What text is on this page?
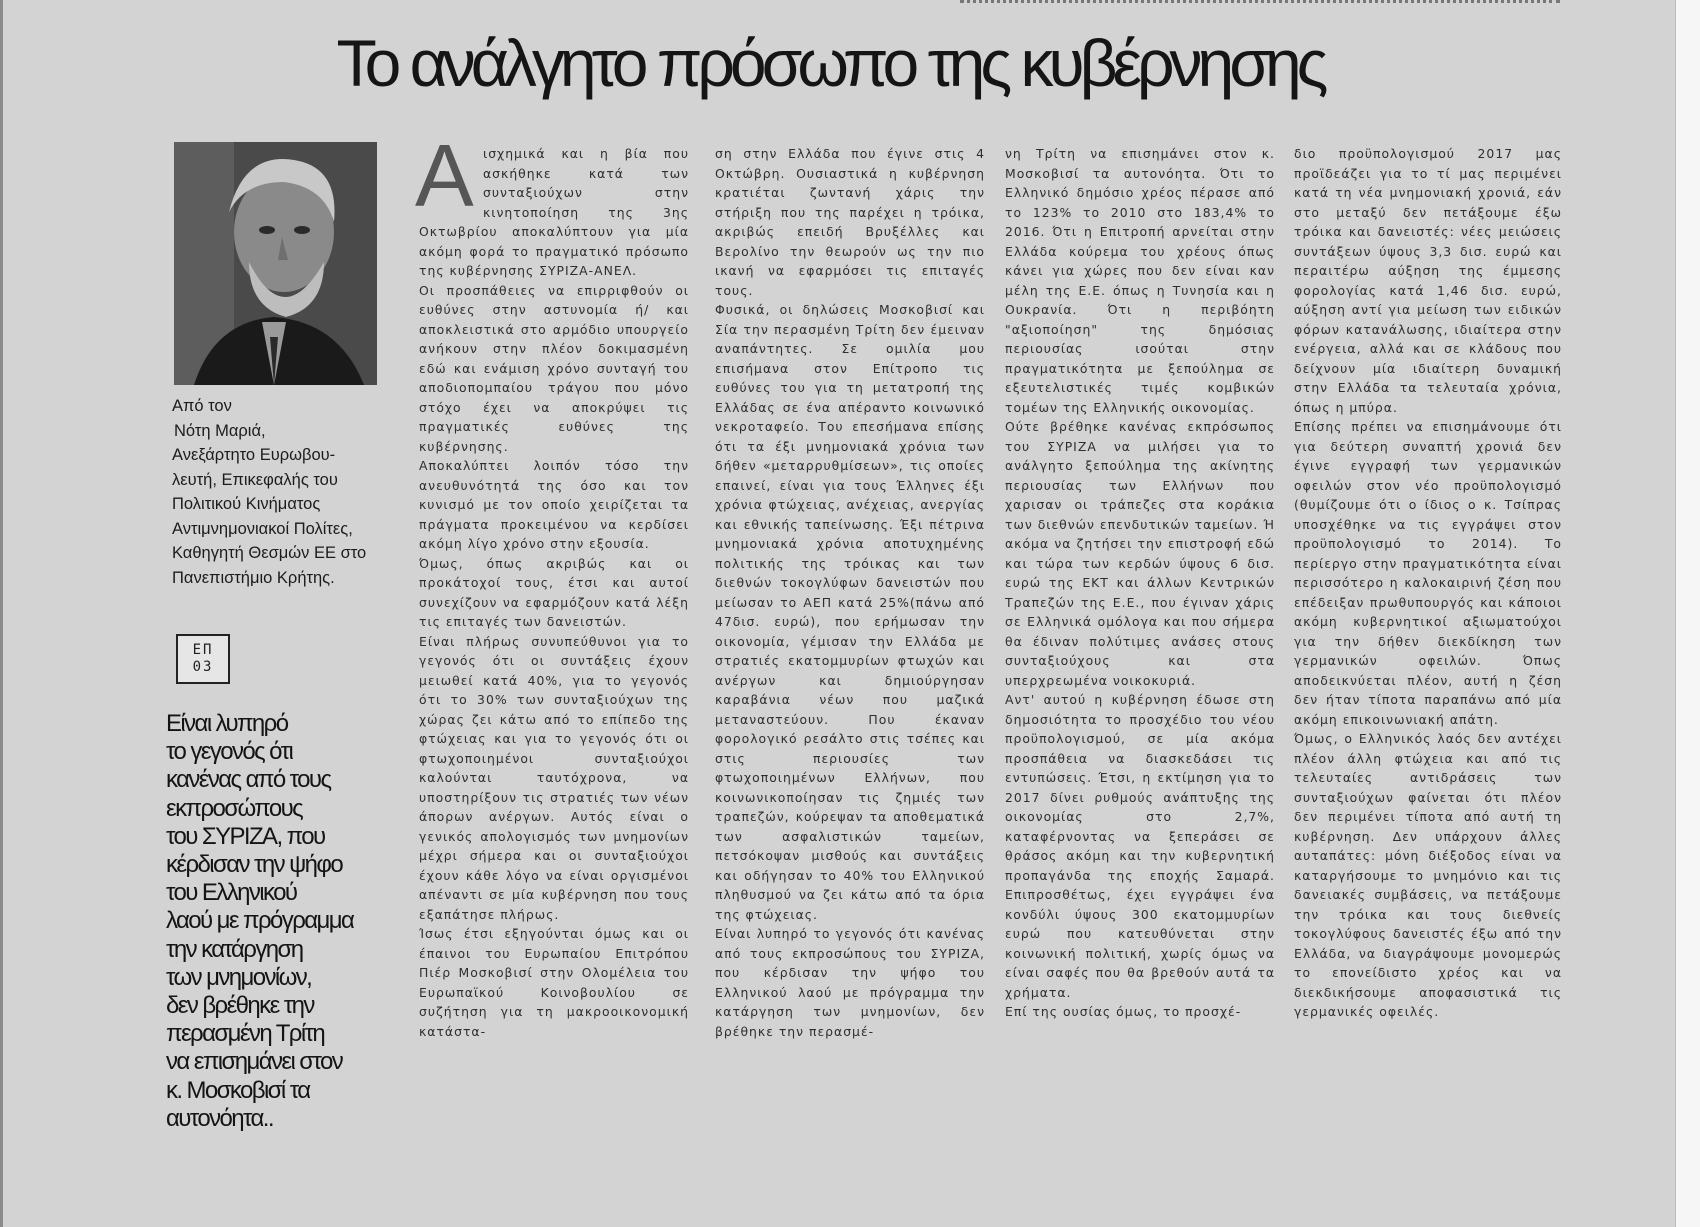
Το ανάλγητο πρόσωπο της κυβέρνησης
Από τον
Νότη Μαριά,
Ανεξάρτητο Ευρωβου-
λευτή, Επικεφαλής του
Πολιτικού Κινήματος
Αντιμνημονιακοί Πολίτες,
Καθηγητή Θεσμών ΕΕ στο
Πανεπιστήμιο Κρήτης.
ΕΠ
03
Είναι λυπηρό
το γεγονός ότι
κανένας από τους
εκπροσώπους
του ΣΥΡΙΖΑ, που
κέρδισαν την ψήφο
του Ελληνικού
λαού με πρόγραμμα
την κατάργηση
των μνημονίων,
δεν βρέθηκε την
περασμένη Τρίτη
να επισημάνει στον
κ. Μοσκοβισί τα
αυτονόητα..
Α	ισχημικά και η βία που ασκήθηκε κατά των συνταξιούχων στην κινητοποίηση της 3ης Οκτωβρίου αποκαλύπτουν για μία ακόμη φορά το πραγματικό πρόσωπο της κυβέρνησης ΣΥΡΙΖΑ-ΑΝΕΛ.

Οι προσπάθειες να επιρριφθούν οι ευθύνες στην αστυνομία ή/ και αποκλειστικά στο αρμόδιο υπουργείο ανήκουν στην πλέον δοκιμασμένη εδώ και ενάμιση χρόνο συνταγή του αποδιοπομπαίου τράγου που μόνο στόχο έχει να αποκρύψει τις πραγματικές ευθύνες της κυβέρνησης.

Αποκαλύπτει λοιπόν τόσο την ανευθυνότητά της όσο και τον κυνισμό με τον οποίο χειρίζεται τα πράγματα προκειμένου να κερδίσει ακόμη λίγο χρόνο στην εξουσία.

Όμως, όπως ακριβώς και οι προκάτοχοί τους, έτσι και αυτοί συνεχίζουν να εφαρμόζουν κατά λέξη τις επιταγές των δανειστών.

Είναι πλήρως συνυπεύθυνοι για το γεγονός ότι οι συντάξεις έχουν μειωθεί κατά 40%, για το γεγονός ότι το 30% των συνταξιούχων της χώρας ζει κάτω από το επίπεδο της φτώχειας και για το γεγονός ότι οι φτωχοποιημένοι συνταξιούχοι καλούνται ταυτόχρονα, να υποστηρίξουν τις στρατιές των νέων άπορων ανέργων. Αυτός είναι ο γενικός απολογισμός των μνημονίων μέχρι σήμερα και οι συνταξιούχοι έχουν κάθε λόγο να είναι οργισμένοι απέναντι σε μία κυβέρνηση που τους εξαπάτησε πλήρως.

Ίσως έτσι εξηγούνται όμως και οι έπαινοι του Ευρωπαίου Επιτρόπου Πιέρ Μοσκοβισί στην Ολομέλεια του Ευρωπαϊκού Κοινοβουλίου σε συζήτηση για τη μακροοικονομική κατάστα-

ση στην Ελλάδα που έγινε στις 4 Οκτώβρη. Ουσιαστικά η κυβέρνηση κρατιέται ζωντανή χάρις την στήριξη που της παρέχει η τρόικα, ακριβώς επειδή Βρυξέλλες και Βερολίνο την θεωρούν ως την πιο ικανή να εφαρμόσει τις επιταγές τους.

Φυσικά, οι δηλώσεις Μοσκοβισί και Σία την περασμένη Τρίτη δεν έμειναν αναπάντητες. Σε ομιλία μου επισήμανα στον Επίτροπο τις ευθύνες του για τη μετατροπή της Ελλάδας σε ένα απέραντο κοινωνικό νεκροταφείο. Του επεσήμανα επίσης ότι τα έξι μνημονιακά χρόνια των δήθεν «μεταρρυθμίσεων», τις οποίες επαινεί, είναι για τους Έλληνες έξι χρόνια φτώχειας, ανέχειας, ανεργίας και εθνικής ταπείνωσης. Έξι πέτρινα μνημονιακά χρόνια αποτυχημένης πολιτικής της τρόικας και των διεθνών τοκογλύφων δανειστών που μείωσαν το ΑΕΠ κατά 25%(πάνω από 47δισ. ευρώ), που ερήμωσαν την οικονομία, γέμισαν την Ελλάδα με στρατιές εκατομμυρίων φτωχών και ανέργων και δημιούργησαν καραβάνια νέων που μαζικά μεταναστεύουν. Που έκαναν φορολογικό ρεσάλτο στις τσέπες και στις περιουσίες των φτωχοποιημένων Ελλήνων, που κοινωνικοποίησαν τις ζημιές των τραπεζών, κούρεψαν τα αποθεματικά των ασφαλιστικών ταμείων, πετσόκοψαν μισθούς και συντάξεις και οδήγησαν το 40% του Ελληνικού πληθυσμού να ζει κάτω από τα όρια της φτώχειας.

Είναι λυπηρό το γεγονός ότι κανένας από τους εκπροσώπους του ΣΥΡΙΖΑ, που κέρδισαν την ψήφο του Ελληνικού λαού με πρόγραμμα την κατάργηση των μνημονίων, δεν βρέθηκε την περασμέ-

νη Τρίτη να επισημάνει στον κ. Μοσκοβισί τα αυτονόητα. Ότι το Ελληνικό δημόσιο χρέος πέρασε από το 123% το 2010 στο 183,4% το 2016. Ότι η Επιτροπή αρνείται στην Ελλάδα κούρεμα του χρέους όπως κάνει για χώρες που δεν είναι καν μέλη της Ε.Ε. όπως η Τυνησία και η Ουκρανία. Ότι η περιβόητη "αξιοποίηση" της δημόσιας περιουσίας ισούται στην πραγματικότητα με ξεπούλημα σε εξευτελιστικές τιμές κομβικών τομέων της Ελληνικής οικονομίας.

Ούτε βρέθηκε κανένας εκπρόσωπος του ΣΥΡΙΖΑ να μιλήσει για το ανάλγητο ξεπούλημα της ακίνητης περιουσίας των Ελλήνων που χαρισαν οι τράπεζες στα κοράκια των διεθνών επενδυτικών ταμείων. Ή ακόμα να ζητήσει την επιστροφή εδώ και τώρα των κερδών ύψους 6 δισ. ευρώ της ΕΚΤ και άλλων Κεντρικών Τραπεζών της Ε.Ε., που έγιναν χάρις σε Ελληνικά ομόλογα και που σήμερα θα έδιναν πολύτιμες ανάσες στους συνταξιούχους και στα υπερχρεωμένα νοικοκυριά.

Αντ' αυτού η κυβέρνηση έδωσε στη δημοσιότητα το προσχέδιο του νέου προϋπολογισμού, σε μία ακόμα προσπάθεια να διασκεδάσει τις εντυπώσεις. Έτσι, η εκτίμηση για το 2017 δίνει ρυθμούς ανάπτυξης της οικονομίας στο 2,7%, καταφέρνοντας να ξεπεράσει σε θράσος ακόμη και την κυβερνητική προπαγάνδα της εποχής Σαμαρά. Επιπροσθέτως, έχει εγγράψει ένα κονδύλι ύψους 300 εκατομμυρίων ευρώ που κατευθύνεται στην κοινωνική πολιτική, χωρίς όμως να είναι σαφές που θα βρεθούν αυτά τα χρήματα.

Επί της ουσίας όμως, το προσχέ-

διο προϋπολογισμού 2017 μας προϊδεάζει για το τί μας περιμένει κατά τη νέα μνημονιακή χρονιά, εάν στο μεταξύ δεν πετάξουμε έξω τρόικα και δανειστές: νέες μειώσεις συντάξεων ύψους 3,3 δισ. ευρώ και περαιτέρω αύξηση της έμμεσης φορολογίας κατά 1,46 δισ. ευρώ, αύξηση αντί για μείωση των ειδικών φόρων κατανάλωσης, ιδιαίτερα στην ενέργεια, αλλά και σε κλάδους που δείχνουν μία ιδιαίτερη δυναμική στην Ελλάδα τα τελευταία χρόνια, όπως η μπύρα.

Επίσης πρέπει να επισημάνουμε ότι για δεύτερη συναπτή χρονιά δεν έγινε εγγραφή των γερμανικών οφειλών στον νέο προϋπολογισμό (θυμίζουμε ότι ο ίδιος ο κ. Τσίπρας υποσχέθηκε να τις εγγράψει στον προϋπολογισμό το 2014). Το περίεργο στην πραγματικότητα είναι περισσότερο η καλοκαιρινή ζέση που επέδειξαν πρωθυπουργός και κάποιοι ακόμη κυβερνητικοί αξιωματούχοι για την δήθεν διεκδίκηση των γερμανικών οφειλών. Όπως αποδεικνύεται πλέον, αυτή η ζέση δεν ήταν τίποτα παραπάνω από μία ακόμη επικοινωνιακή απάτη.

Όμως, ο Ελληνικός λαός δεν αντέχει πλέον άλλη φτώχεια και από τις τελευταίες αντιδράσεις των συνταξιούχων φαίνεται ότι πλέον δεν περιμένει τίποτα από αυτή τη κυβέρνηση. Δεν υπάρχουν άλλες αυταπάτες: μόνη διέξοδος είναι να καταργήσουμε το μνημόνιο και τις δανειακές συμβάσεις, να πετάξουμε την τρόικα και τους διεθνείς τοκογλύφους δανειστές έξω από την Ελλάδα, να διαγράψουμε μονομερώς το επονείδιστο χρέος και να διεκδικήσουμε αποφασιστικά τις γερμανικές οφειλές.
